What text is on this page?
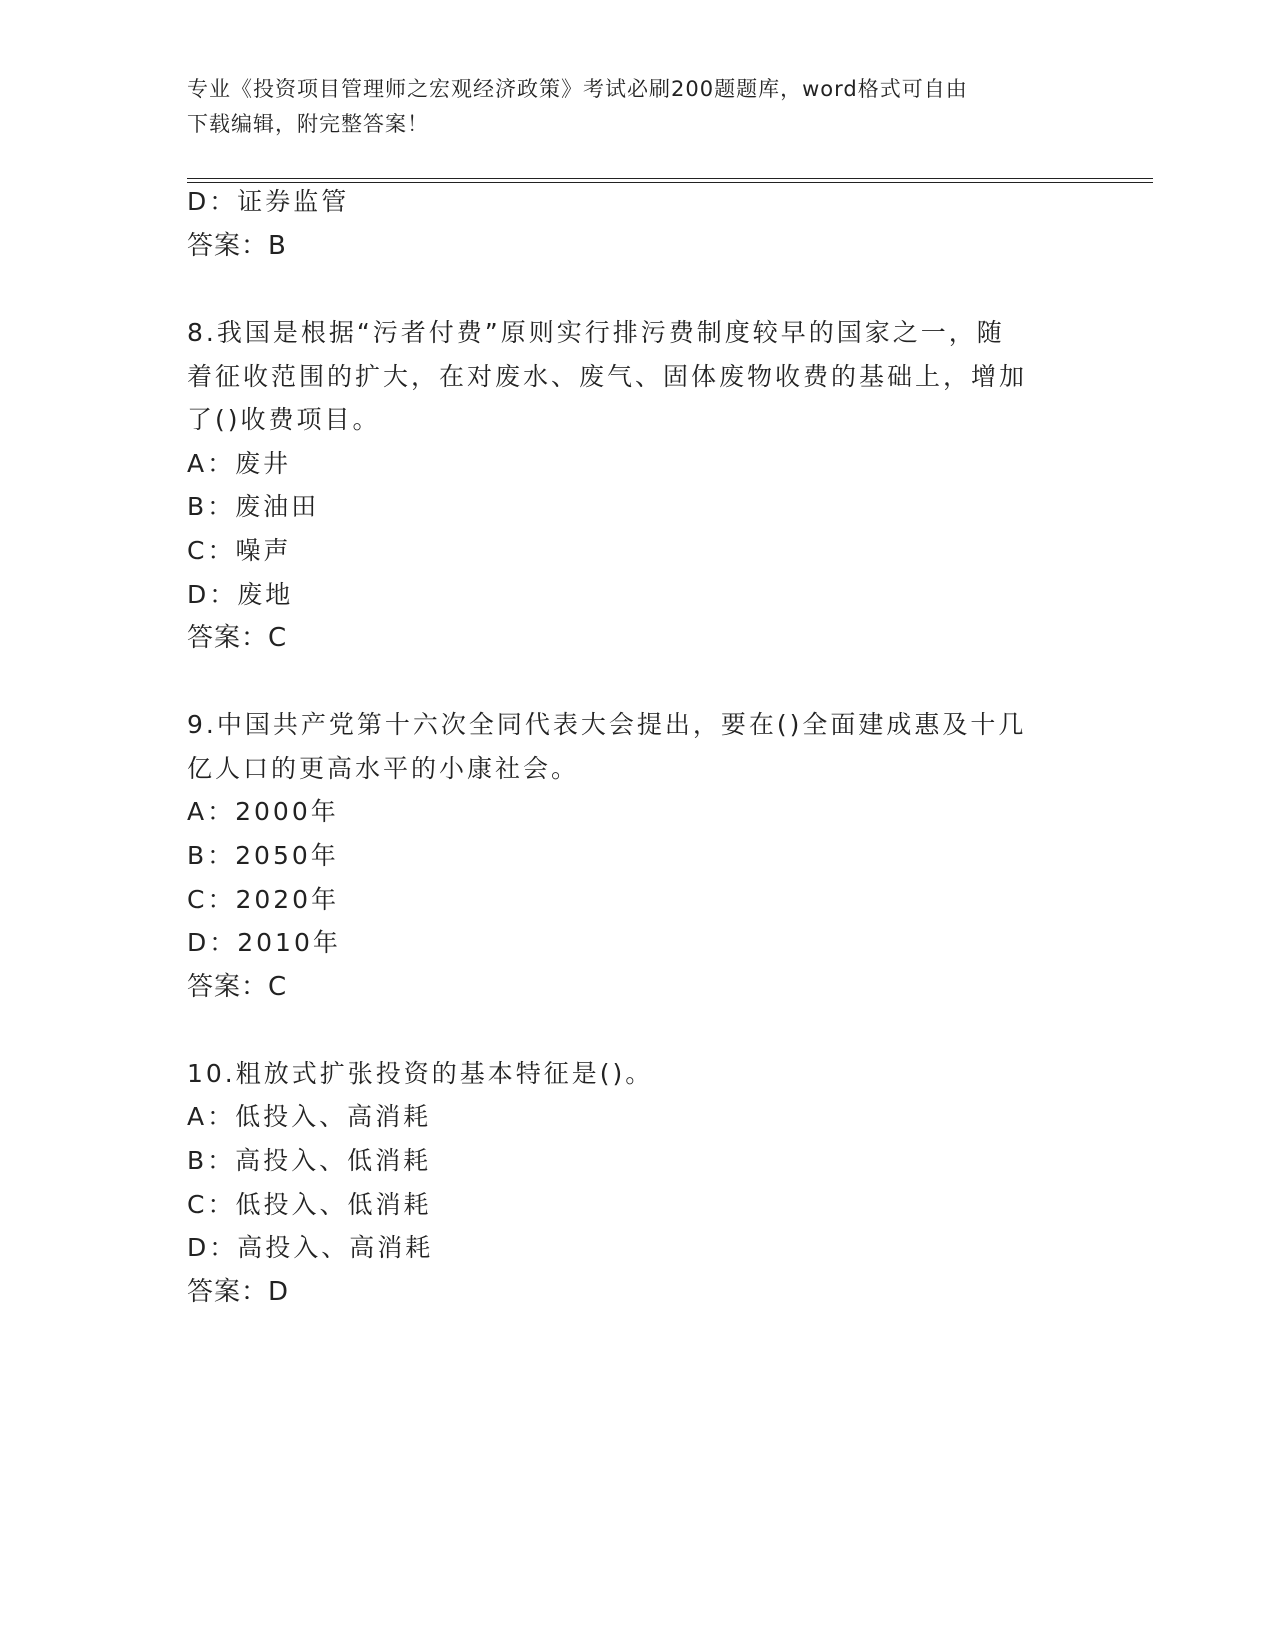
专业《投资项目管理师之宏观经济政策》考试必刷200题题库，word格式可自由
下载编辑，附完整答案！
D：证券监管
答案：B
8.我国是根据“污者付费”原则实行排污费制度较早的国家之一，随
着征收范围的扩大，在对废水、废气、固体废物收费的基础上，增加
了()收费项目。
A：废井
B：废油田
C：噪声
D：废地
答案：C
9.中国共产党第十六次全同代表大会提出，要在()全面建成惠及十几
亿人口的更高水平的小康社会。
A：2000年
B：2050年
C：2020年
D：2010年
答案：C
10.粗放式扩张投资的基本特征是()。
A：低投入、高消耗
B：高投入、低消耗
C：低投入、低消耗
D：高投入、高消耗
答案：D
